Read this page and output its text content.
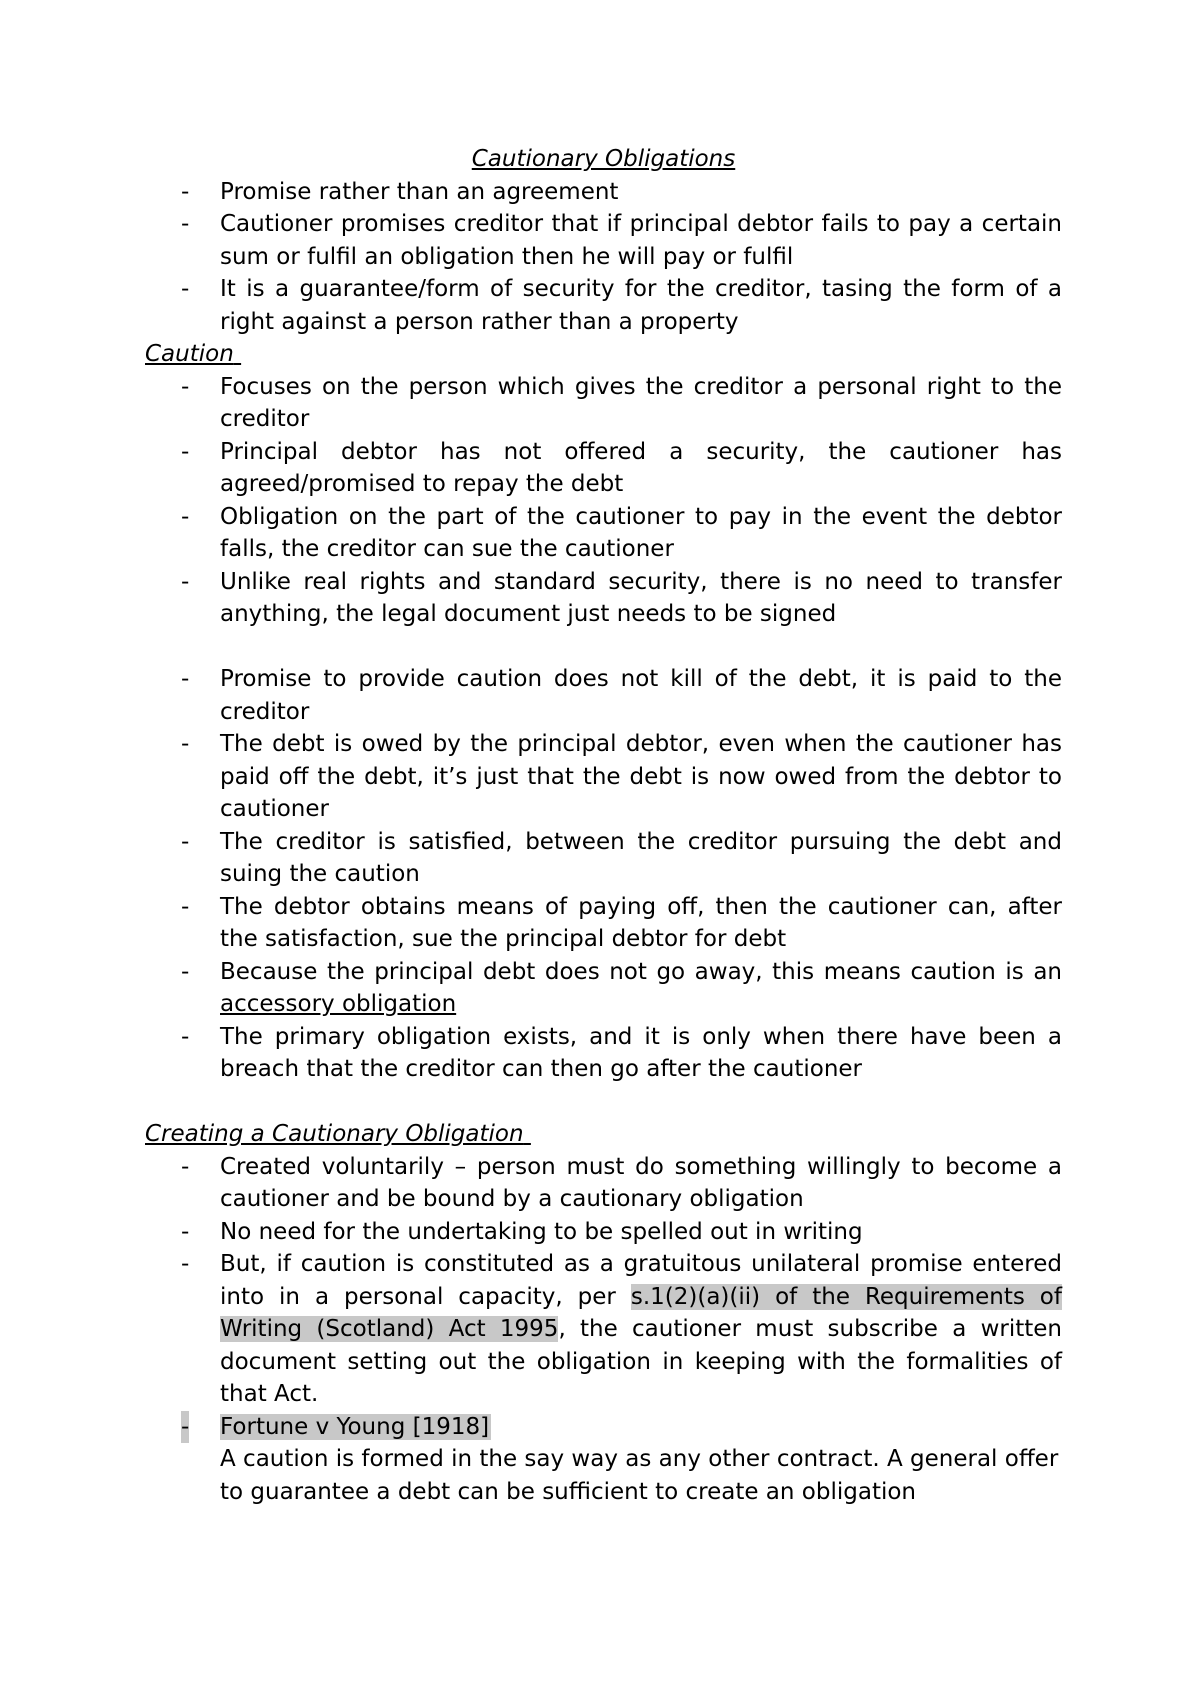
Cautionary Obligations

- Promise rather than an agreement
- Cautioner promises creditor that if principal debtor fails to pay a certain sum or fulfil an obligation then he will pay or fulfil
- It is a guarantee/form of security for the creditor, tasing the form of a right against a person rather than a property

Caution

- Focuses on the person which gives the creditor a personal right to the creditor
- Principal debtor has not offered a security, the cautioner has agreed/promised to repay the debt
- Obligation on the part of the cautioner to pay in the event the debtor falls, the creditor can sue the cautioner
- Unlike real rights and standard security, there is no need to transfer anything, the legal document just needs to be signed
- Promise to provide caution does not kill of the debt, it is paid to the creditor
- The debt is owed by the principal debtor, even when the cautioner has paid off the debt, it’s just that the debt is now owed from the debtor to cautioner
- The creditor is satisfied, between the creditor pursuing the debt and suing the caution
- The debtor obtains means of paying off, then the cautioner can, after the satisfaction, sue the principal debtor for debt
- Because the principal debt does not go away, this means caution is an accessory obligation
- The primary obligation exists, and it is only when there have been a breach that the creditor can then go after the cautioner

Creating a Cautionary Obligation

- Created voluntarily – person must do something willingly to become a cautioner and be bound by a cautionary obligation
- No need for the undertaking to be spelled out in writing
- But, if caution is constituted as a gratuitous unilateral promise entered into in a personal capacity, per s.1(2)(a)(ii) of the Requirements of Writing (Scotland) Act 1995, the cautioner must subscribe a written document setting out the obligation in keeping with the formalities of that Act.
- Fortune v Young [1918]
A caution is formed in the say way as any other contract. A general offer to guarantee a debt can be sufficient to create an obligation
